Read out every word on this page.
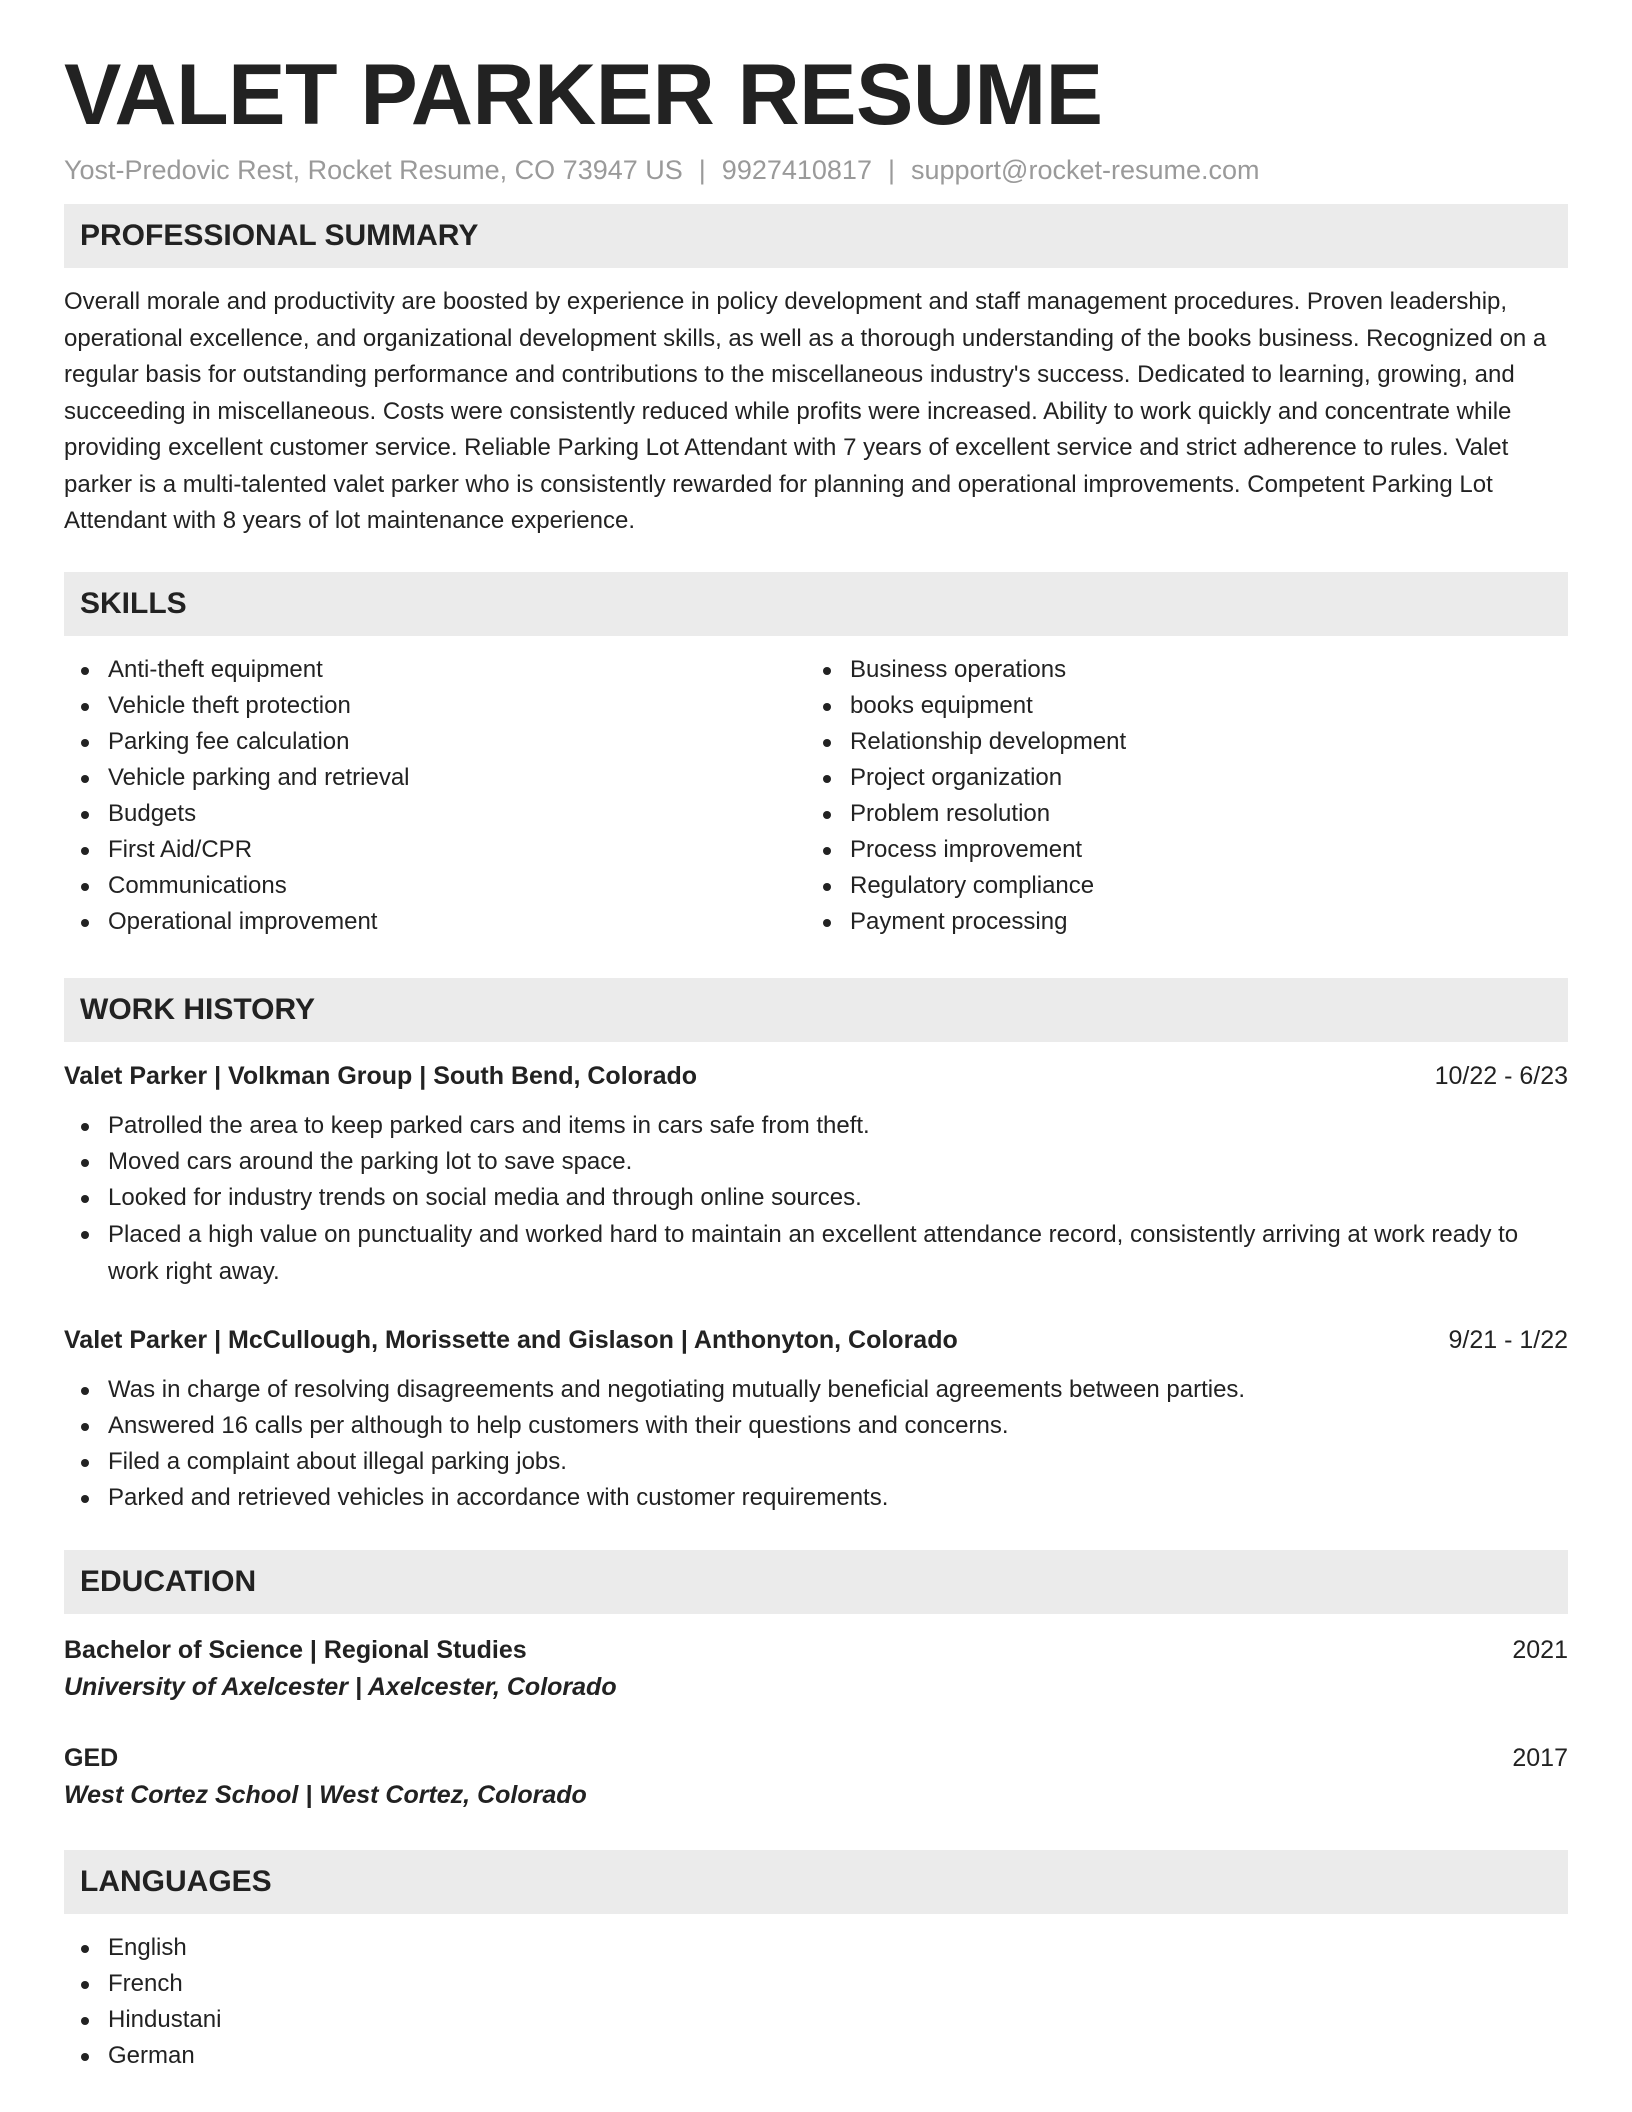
VALET PARKER RESUME
Yost-Predovic Rest, Rocket Resume, CO 73947 US | 9927410817 | support@rocket-resume.com
PROFESSIONAL SUMMARY

Overall morale and productivity are boosted by experience in policy development and staff management procedures. Proven leadership, operational excellence, and organizational development skills, as well as a thorough understanding of the books business. Recognized on a regular basis for outstanding performance and contributions to the miscellaneous industry's success. Dedicated to learning, growing, and succeeding in miscellaneous. Costs were consistently reduced while profits were increased. Ability to work quickly and concentrate while providing excellent customer service. Reliable Parking Lot Attendant with 7 years of excellent service and strict adherence to rules. Valet parker is a multi-talented valet parker who is consistently rewarded for planning and operational improvements. Competent Parking Lot Attendant with 8 years of lot maintenance experience.

SKILLS
Anti-theft equipment
Vehicle theft protection
Parking fee calculation
Vehicle parking and retrieval
Budgets
First Aid/CPR
Communications
Operational improvement
Business operations
books equipment
Relationship development
Project organization
Problem resolution
Process improvement
Regulatory compliance
Payment processing
WORK HISTORY
Valet Parker | Volkman Group | South Bend, Colorado	10/22 - 6/23
Patrolled the area to keep parked cars and items in cars safe from theft.
Moved cars around the parking lot to save space.
Looked for industry trends on social media and through online sources.
Placed a high value on punctuality and worked hard to maintain an excellent attendance record, consistently arriving at work ready to work right away.
Valet Parker | McCullough, Morissette and Gislason | Anthonyton, Colorado	9/21 - 1/22
Was in charge of resolving disagreements and negotiating mutually beneficial agreements between parties.
Answered 16 calls per although to help customers with their questions and concerns.
Filed a complaint about illegal parking jobs.
Parked and retrieved vehicles in accordance with customer requirements.
EDUCATION
Bachelor of Science | Regional Studies	2021
University of Axelcester | Axelcester, Colorado
GED	2017
West Cortez School | West Cortez, Colorado
LANGUAGES
English
French
Hindustani
German
